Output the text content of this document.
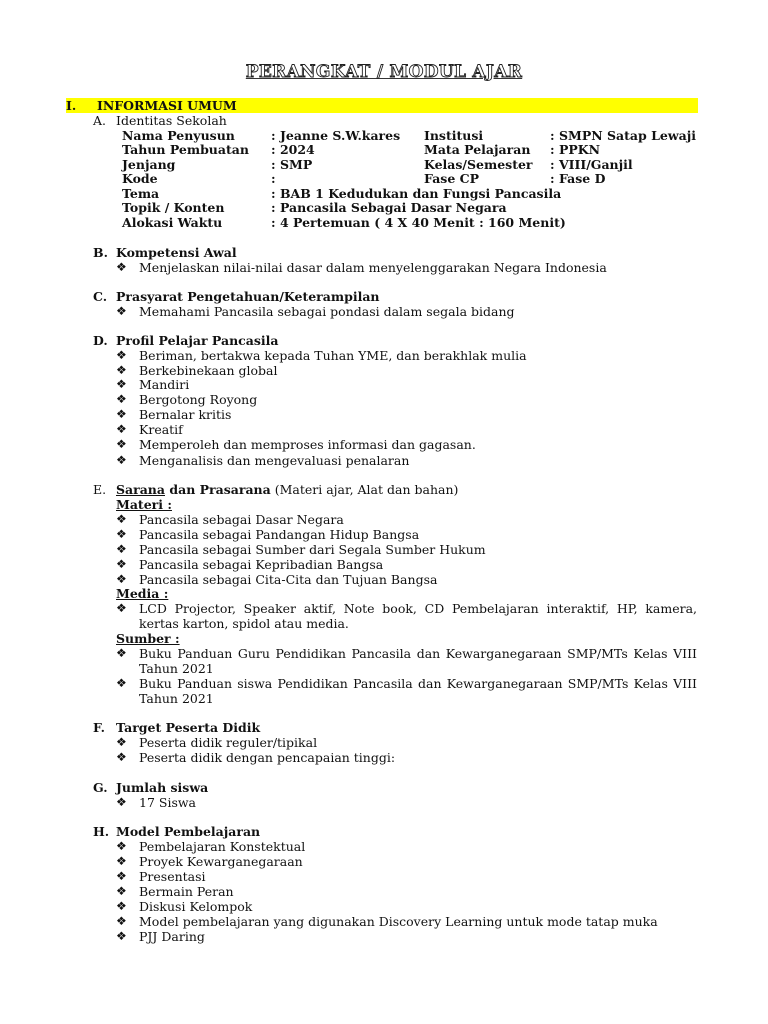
PERANGKAT / MODUL AJAR
I. INFORMASI UMUM
A. Identitas Sekolah
Nama Penyusun	: Jeanne S.W.kares Institusi	: SMPN Satap Lewaji
Tahun Pembuatan : 2024	Mata Pelajaran : PPKN
Jenjang	: SMP	Kelas/Semester : VIII/Ganjil
Kode	:	Fase CP	: Fase D
Tema	: BAB 1 Kedudukan dan Fungsi Pancasila
Topik / Konten	: Pancasila Sebagai Dasar Negara
Alokasi Waktu	: 4 Pertemuan ( 4 X 40 Menit : 160 Menit)
B. Kompetensi Awal
❖ Menjelaskan nilai-nilai dasar dalam menyelenggarakan Negara Indonesia
C. Prasyarat Pengetahuan/Keterampilan
❖ Memahami Pancasila sebagai pondasi dalam segala bidang
D. Profil Pelajar Pancasila
❖ Beriman, bertakwa kepada Tuhan YME, dan berakhlak mulia
❖ Berkebinekaan global
❖ Mandiri
❖ Bergotong Royong
❖ Bernalar kritis
❖ Kreatif
❖ Memperoleh dan memproses informasi dan gagasan.
❖ Menganalisis dan mengevaluasi penalaran
E. Sarana dan Prasarana (Materi ajar, Alat dan bahan)
Materi :
❖ Pancasila sebagai Dasar Negara
❖ Pancasila sebagai Pandangan Hidup Bangsa
❖ Pancasila sebagai Sumber dari Segala Sumber Hukum
❖ Pancasila sebagai Kepribadian Bangsa
❖ Pancasila sebagai Cita-Cita dan Tujuan Bangsa
Media :
❖ LCD Projector, Speaker aktif, Note book, CD Pembelajaran interaktif, HP, kamera, kertas karton, spidol atau media.
Sumber :
❖ Buku Panduan Guru Pendidikan Pancasila dan Kewarganegaraan SMP/MTs Kelas VIII Tahun 2021
❖ Buku Panduan siswa Pendidikan Pancasila dan Kewarganegaraan SMP/MTs Kelas VIII Tahun 2021
F. Target Peserta Didik
❖ Peserta didik reguler/tipikal
❖ Peserta didik dengan pencapaian tinggi:
G. Jumlah siswa
❖ 17 Siswa
H. Model Pembelajaran
❖ Pembelajaran Konstektual
❖ Proyek Kewarganegaraan
❖ Presentasi
❖ Bermain Peran
❖ Diskusi Kelompok
❖ Model pembelajaran yang digunakan Discovery Learning untuk mode tatap muka
❖ PJJ Daring
